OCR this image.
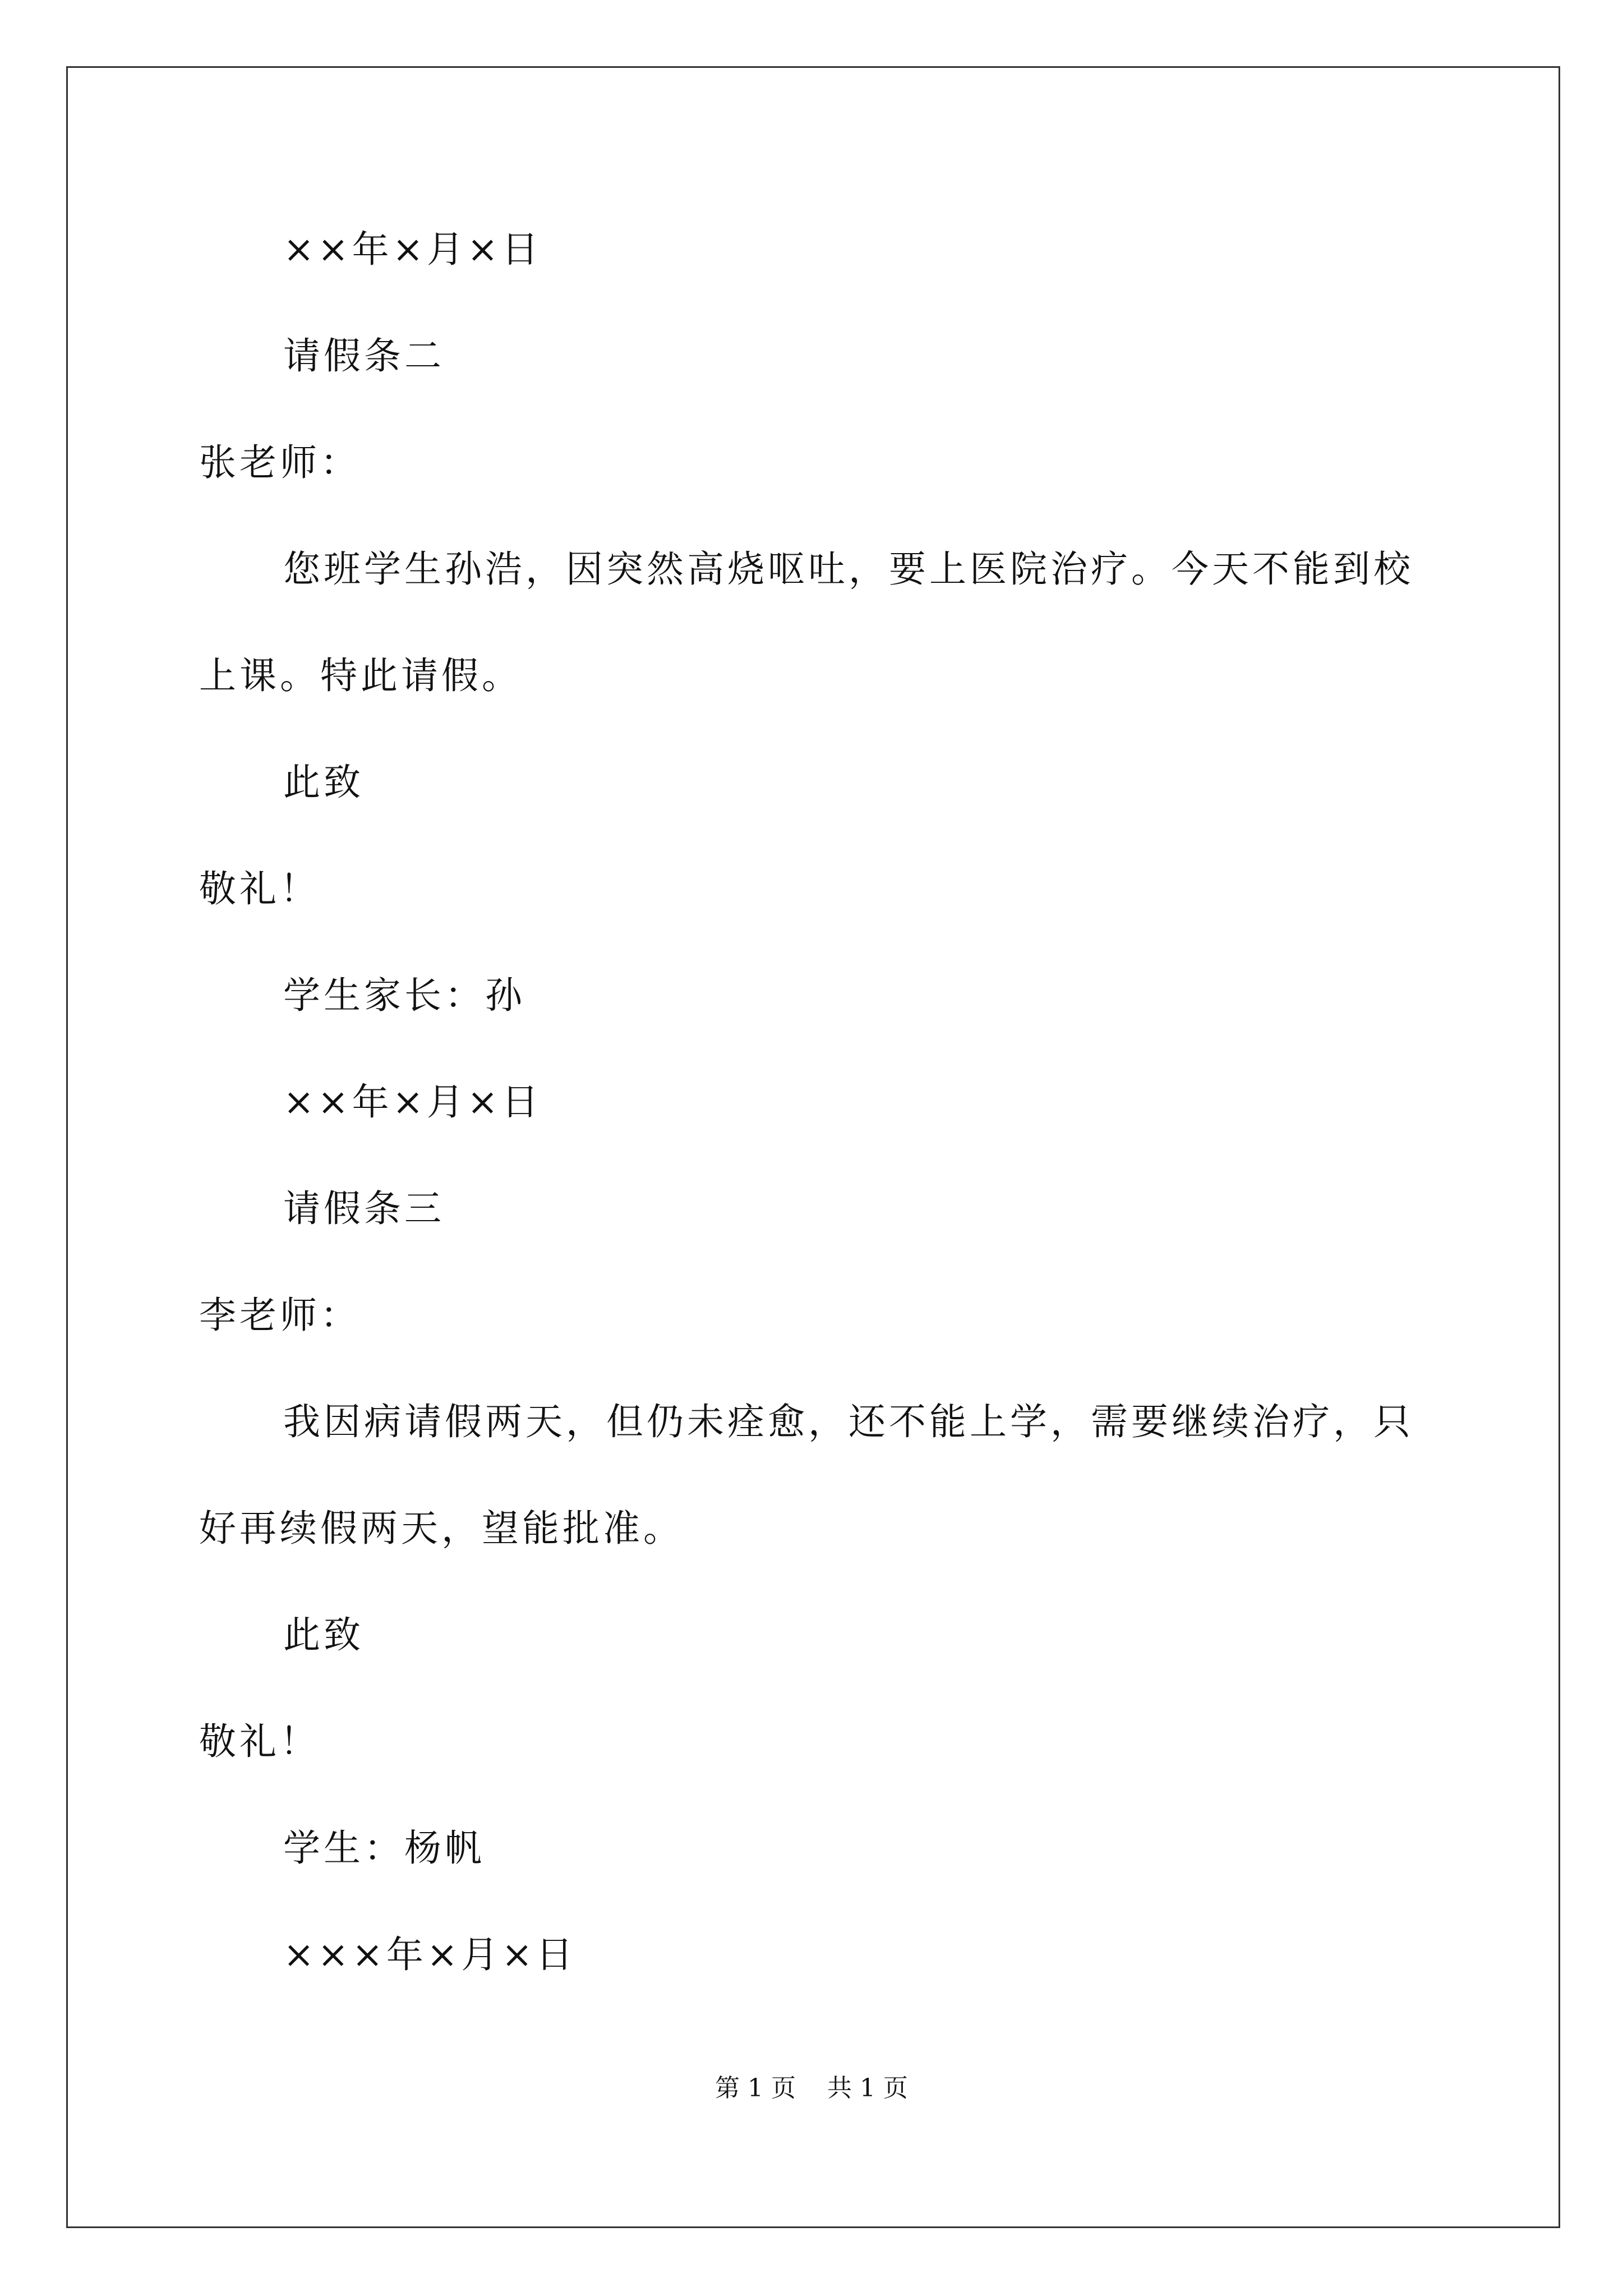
××年×月×日
请假条二
张老师：
您班学生孙浩，因突然高烧呕吐，要上医院治疗。今天不能到校
上课。特此请假。
此致
敬礼！
学生家长：孙
××年×月×日
请假条三
李老师：
我因病请假两天，但仍未痊愈，还不能上学，需要继续治疗，只
好再续假两天，望能批准。
此致
敬礼！
学生：杨帆
×××年×月×日
第 1 页    共 1 页
